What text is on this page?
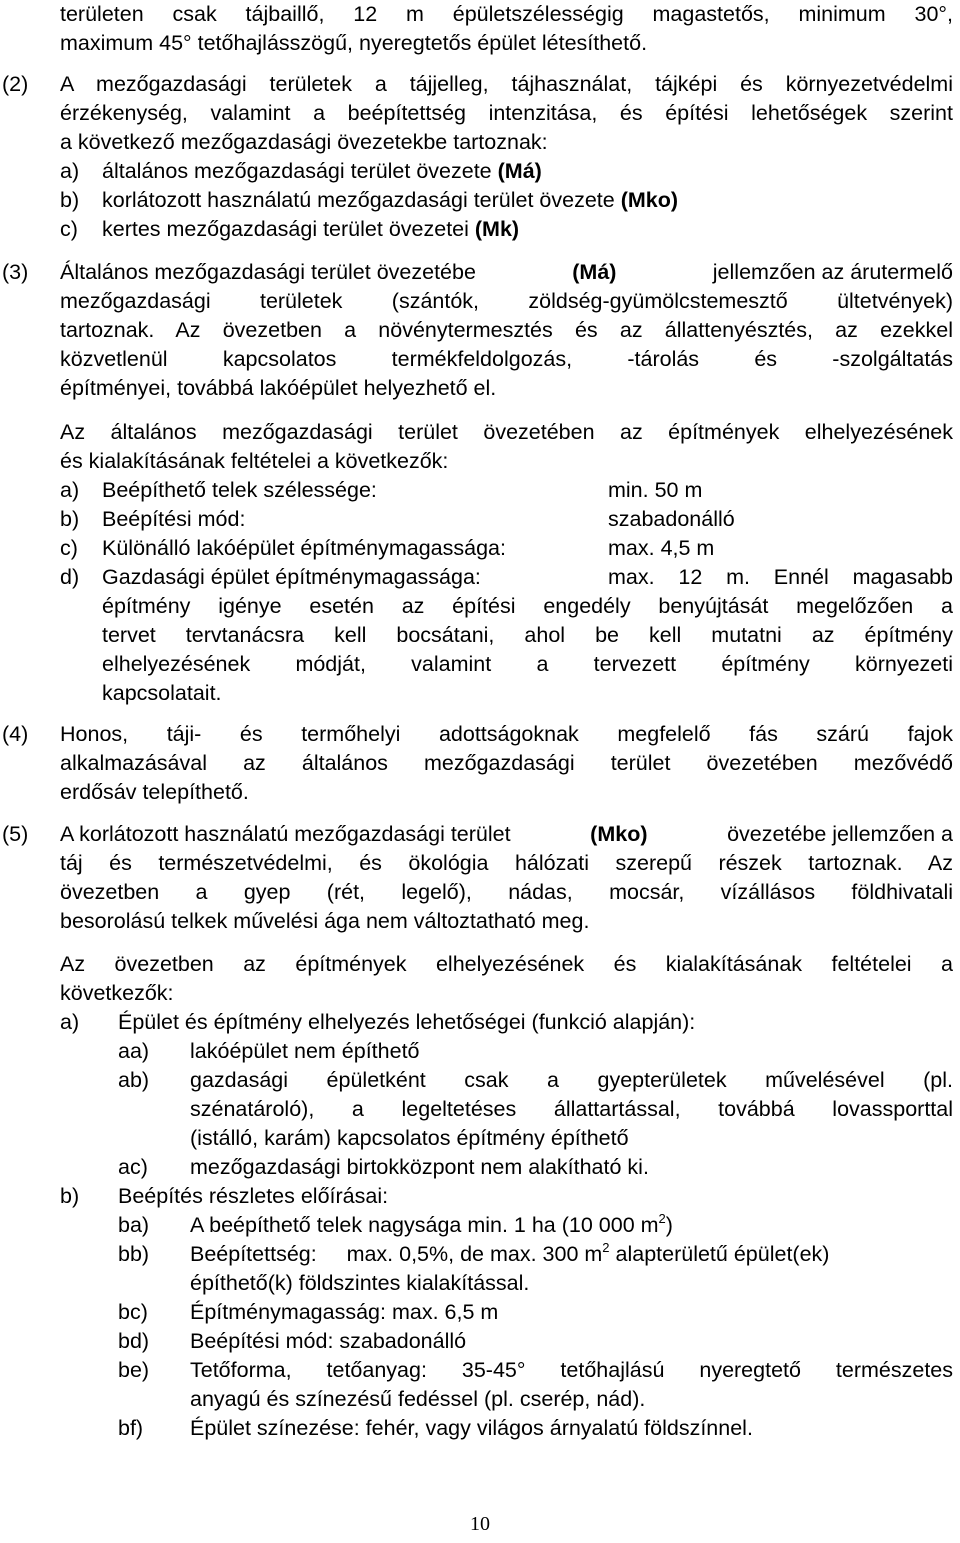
területen csak tájbaillő, 12 m épületszélességig magastetős, minimum 30°,
maximum 45° tetőhajlásszögű, nyeregtetős épület létesíthető.
(2) A mezőgazdasági területek a tájjelleg, tájhasználat, tájképi és környezetvédelmi
érzékenység, valamint a beépítettség intenzitása, és építési lehetőségek szerint
a következő mezőgazdasági övezetekbe tartoznak:
a) általános mezőgazdasági terület övezete (Má)
b) korlátozott használatú mezőgazdasági terület övezete (Mko)
c) kertes mezőgazdasági terület övezetei (Mk)
(3) Általános mezőgazdasági terület övezetébe	(Má)	jellemzően az árutermelő
mezőgazdasági területek (szántók, zöldség-gyümölcstemesztő ültetvények)
tartoznak. Az övezetben a növénytermesztés és az állattenyésztés, az ezekkel
közvetlenül kapcsolatos termékfeldolgozás, -tárolás és -szolgáltatás
építményei, továbbá lakóépület helyezhető el.
Az általános mezőgazdasági terület övezetében az építmények elhelyezésének
és kialakításának feltételei a következők:
a) Beépíthető telek szélessége:	min. 50 m
b) Beépítési mód:	szabadonálló
c) Különálló lakóépület építménymagassága:	max. 4,5 m
d) Gazdasági épület építménymagassága:	max. 12 m. Ennél magasabb
építmény igénye esetén az építési engedély benyújtását megelőzően a
tervet tervtanácsra kell bocsátani, ahol be kell mutatni az építmény
elhelyezésének módját, valamint a tervezett építmény környezeti
kapcsolatait.
(4) Honos, táji- és termőhelyi adottságoknak megfelelő fás szárú fajok
alkalmazásával az általános mezőgazdasági terület övezetében mezővédő
erdősáv telepíthető.
(5) A korlátozott használatú mezőgazdasági terület	(Mko)	övezetébe jellemzően a
táj és természetvédelmi, és ökológia hálózati szerepű részek tartoznak. Az
övezetben a gyep (rét, legelő), nádas, mocsár, vízállásos földhivatali
besorolású telkek művelési ága nem változtatható meg.
Az övezetben az építmények elhelyezésének és kialakításának feltételei a
következők:
a) Épület és építmény elhelyezés lehetőségei (funkció alapján):
aa) lakóépület nem építhető
ab) gazdasági épületként csak a gyepterületek művelésével (pl.
szénatároló), a legeltetéses állattartással, továbbá lovassporttal
(istálló, karám) kapcsolatos építmény építhető
ac) mezőgazdasági birtokközpont nem alakítható ki.
b) Beépítés részletes előírásai:
ba) A beépíthető telek nagysága min. 1 ha (10 000 $m^2$)
bb) Beépítettség:     max. 0,5%, de max. 300 $m^2$ alapterületű épület(ek)
építhető(k) földszintes kialakítással.
bc) Építménymagasság: max. 6,5 m
bd) Beépítési mód: szabadonálló
be) Tetőforma, tetőanyag: 35-45° tetőhajlású nyeregtető természetes
anyagú és színezésű fedéssel (pl. cserép, nád).
bf) Épület színezése: fehér, vagy világos árnyalatú földszínnel.
10
